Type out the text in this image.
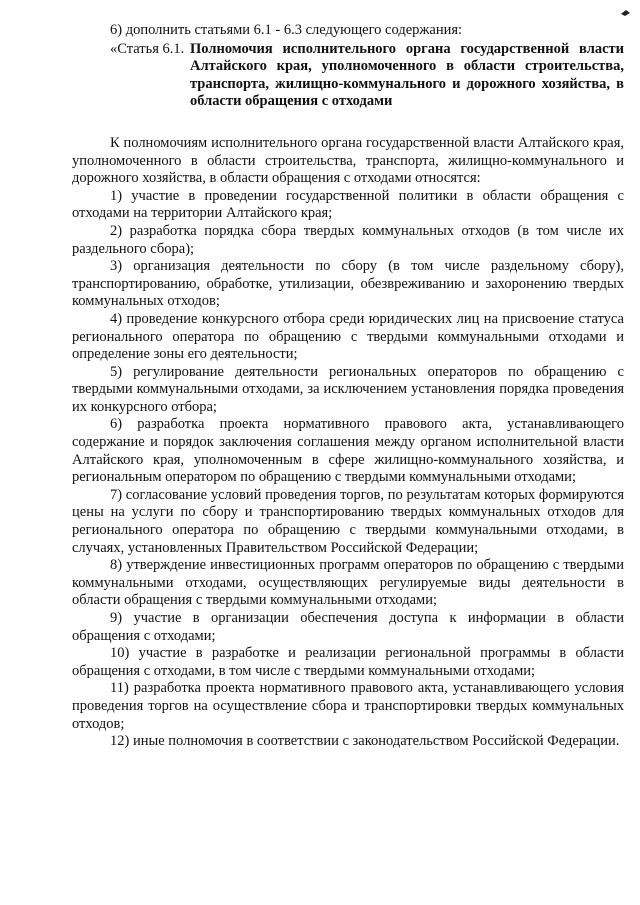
6) дополнить статьями 6.1 - 6.3 следующего содержания:

«Статья 6.1. Полномочия исполнительного органа государственной власти Алтайского края, уполномоченного в области строительства, транспорта, жилищно-коммунального и дорожного хозяйства, в области обращения с отходами

К полномочиям исполнительного органа государственной власти Алтайского края, уполномоченного в области строительства, транспорта, жилищно-коммунального и дорожного хозяйства, в области обращения с отходами относятся:

1) участие в проведении государственной политики в области обращения с отходами на территории Алтайского края;

2) разработка порядка сбора твердых коммунальных отходов (в том числе их раздельного сбора);

3) организация деятельности по сбору (в том числе раздельному сбору), транспортированию, обработке, утилизации, обезвреживанию и захоронению твердых коммунальных отходов;

4) проведение конкурсного отбора среди юридических лиц на присвоение статуса регионального оператора по обращению с твердыми коммунальными отходами и определение зоны его деятельности;

5) регулирование деятельности региональных операторов по обращению с твердыми коммунальными отходами, за исключением установления порядка проведения их конкурсного отбора;

6) разработка проекта нормативного правового акта, устанавливающего содержание и порядок заключения соглашения между органом исполнительной власти Алтайского края, уполномоченным в сфере жилищно-коммунального хозяйства, и региональным оператором по обращению с твердыми коммунальными отходами;

7) согласование условий проведения торгов, по результатам которых формируются цены на услуги по сбору и транспортированию твердых коммунальных отходов для регионального оператора по обращению с твердыми коммунальными отходами, в случаях, установленных Правительством Российской Федерации;

8) утверждение инвестиционных программ операторов по обращению с твердыми коммунальными отходами, осуществляющих регулируемые виды деятельности в области обращения с твердыми коммунальными отходами;

9) участие в организации обеспечения доступа к информации в области обращения с отходами;

10) участие в разработке и реализации региональной программы в области обращения с отходами, в том числе с твердыми коммунальными отходами;

11) разработка проекта нормативного правового акта, устанавливающего условия проведения торгов на осуществление сбора и транспортировки твердых коммунальных отходов;

12) иные полномочия в соответствии с законодательством Российской Федерации.
